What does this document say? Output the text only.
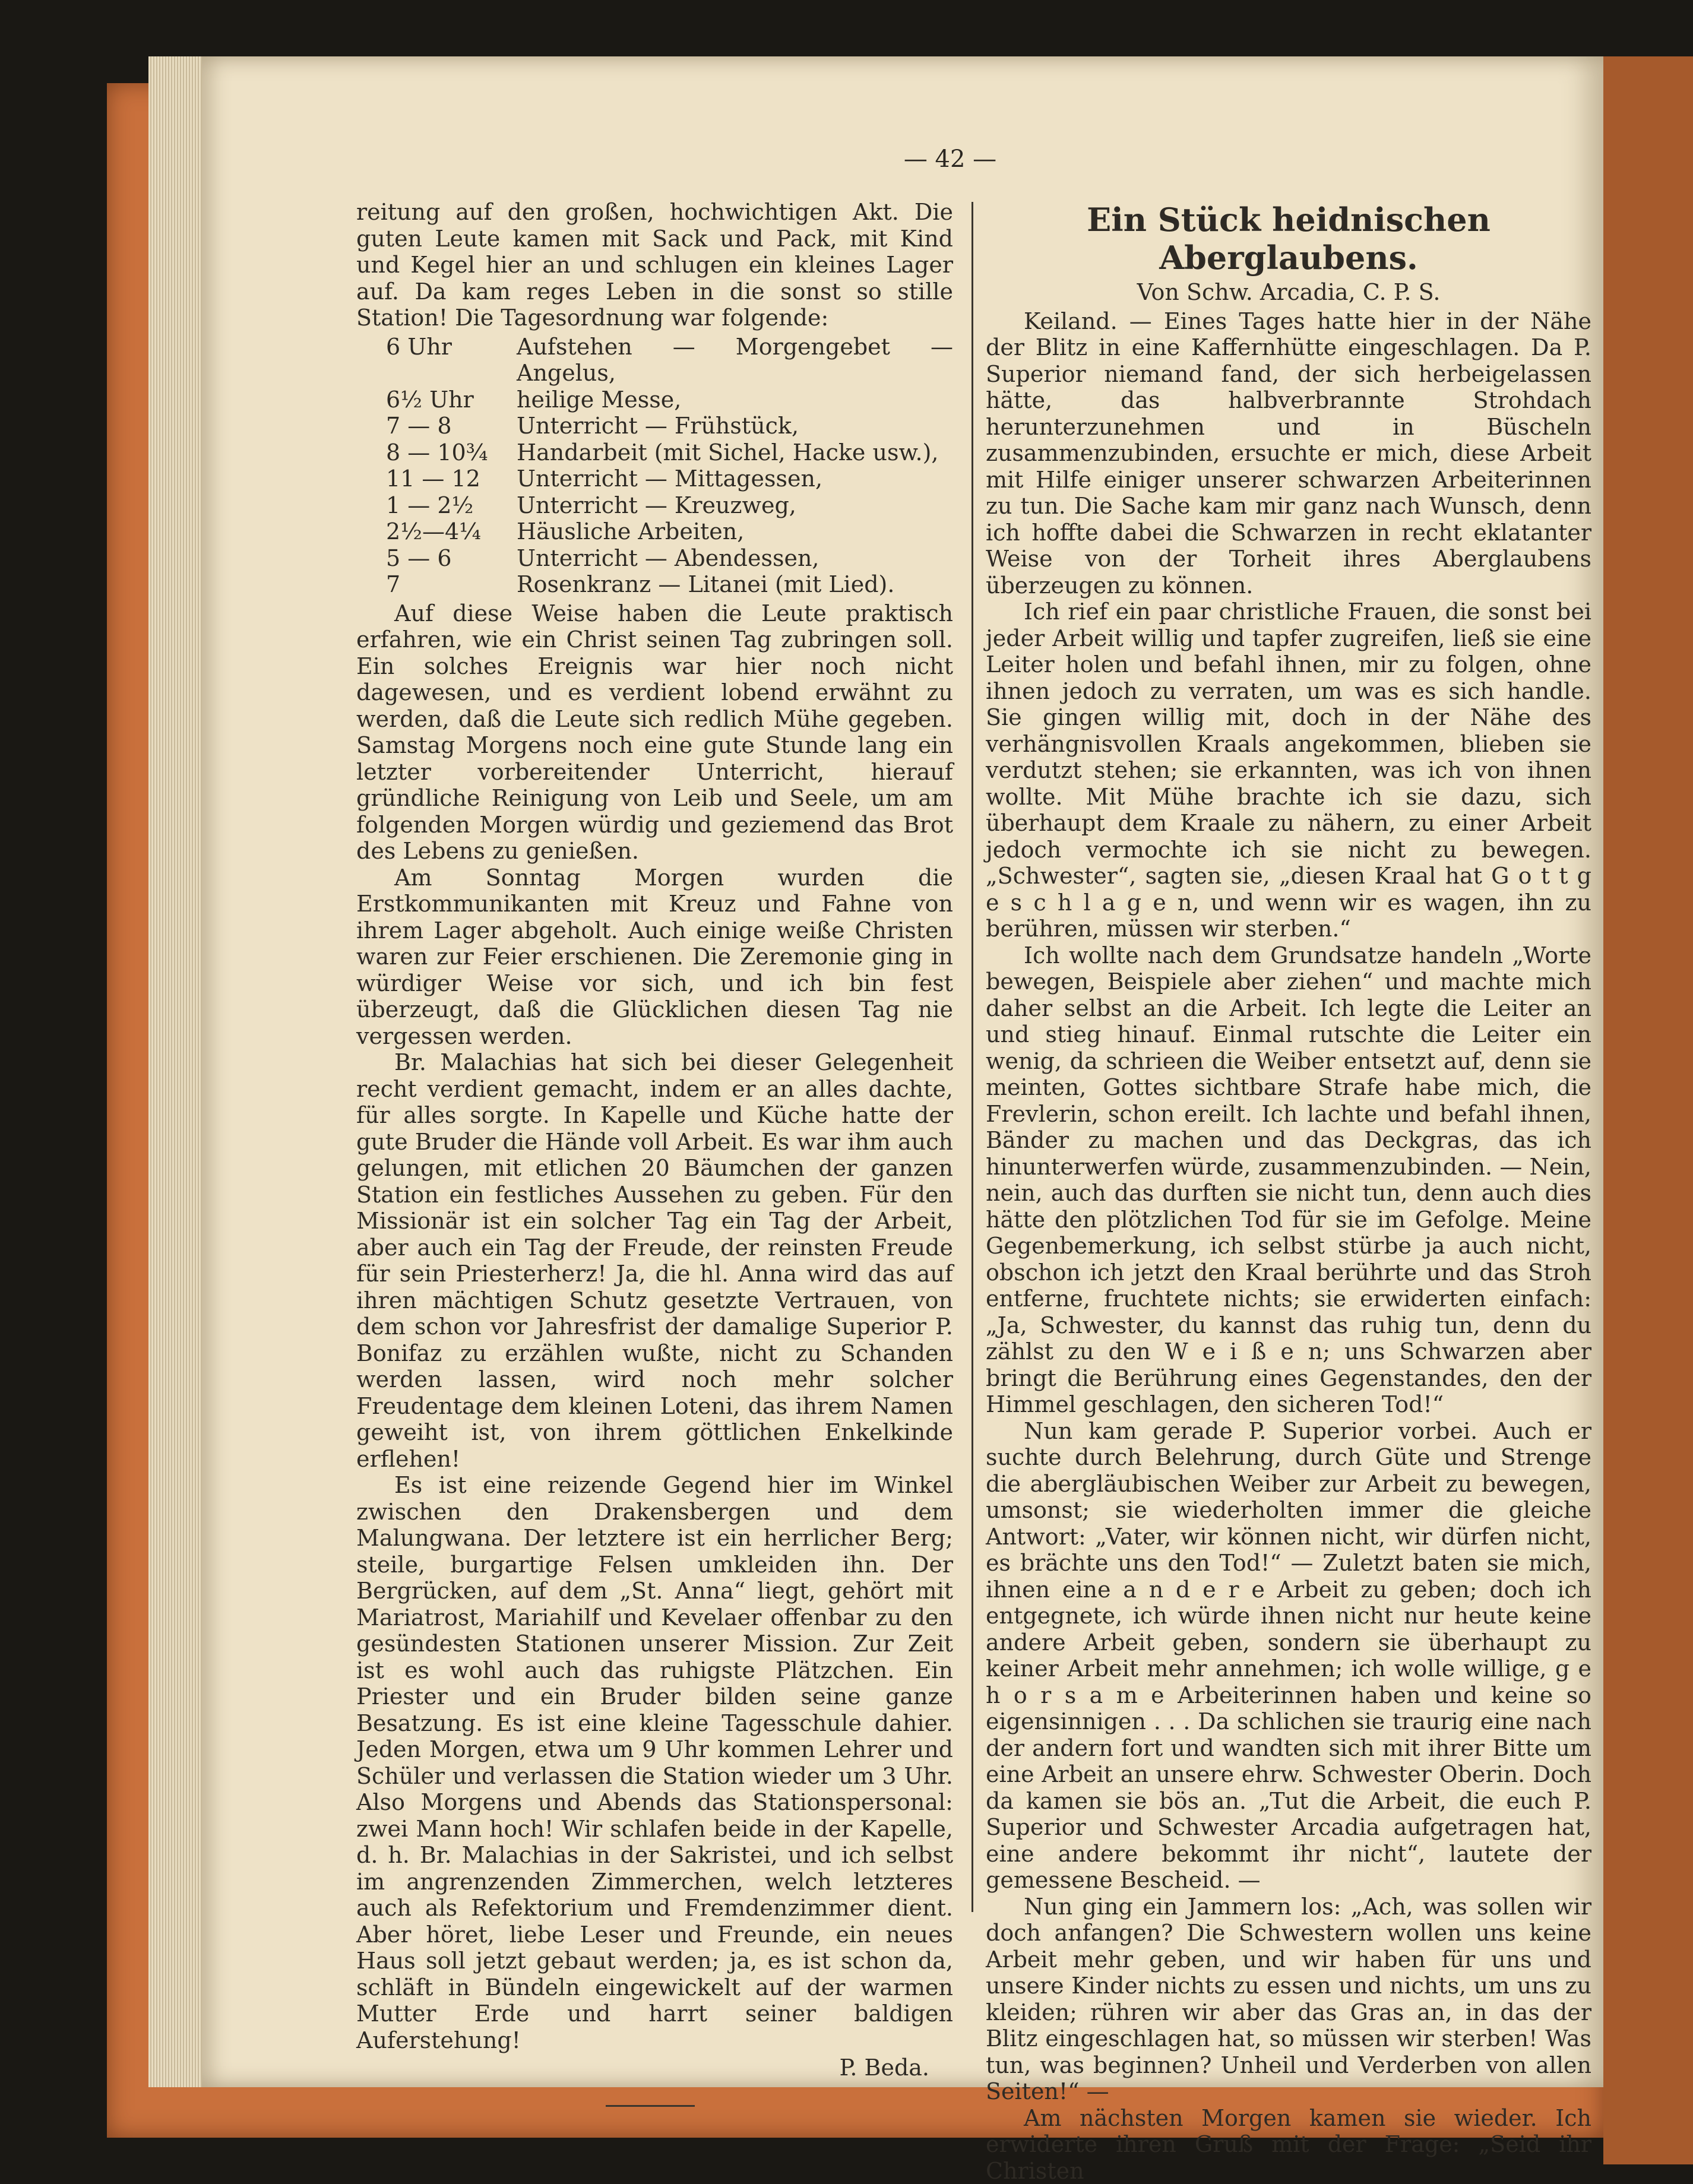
— 42 —

reitung auf den großen, hochwichtigen Akt. Die guten Leute kamen mit Sack und Pack, mit Kind und Kegel hier an und schlugen ein kleines Lager auf. Da kam reges Leben in die sonst so stille Station! Die Tagesordnung war folgende:

6 Uhr	Aufstehen — Morgengebet — Angelus,
6½ Uhr	heilige Messe,
7 — 8	Unterricht — Frühstück,
8 — 10¾	Handarbeit (mit Sichel, Hacke usw.),
11 — 12	Unterricht — Mittagessen,
1 — 2½	Unterricht — Kreuzweg,
2½—4¼	Häusliche Arbeiten,
5 — 6	Unterricht — Abendessen,
7	Rosenkranz — Litanei (mit Lied).

Auf diese Weise haben die Leute praktisch erfahren, wie ein Christ seinen Tag zubringen soll. Ein solches Ereignis war hier noch nicht dagewesen, und es verdient lobend erwähnt zu werden, daß die Leute sich redlich Mühe gegeben. Samstag Morgens noch eine gute Stunde lang ein letzter vorbereitender Unterricht, hierauf gründliche Reinigung von Leib und Seele, um am folgenden Morgen würdig und geziemend das Brot des Lebens zu genießen.

Am Sonntag Morgen wurden die Erstkommunikanten mit Kreuz und Fahne von ihrem Lager abgeholt. Auch einige weiße Christen waren zur Feier erschienen. Die Zeremonie ging in würdiger Weise vor sich, und ich bin fest überzeugt, daß die Glücklichen diesen Tag nie vergessen werden.

Br. Malachias hat sich bei dieser Gelegenheit recht verdient gemacht, indem er an alles dachte, für alles sorgte. In Kapelle und Küche hatte der gute Bruder die Hände voll Arbeit. Es war ihm auch gelungen, mit etlichen 20 Bäumchen der ganzen Station ein festliches Aussehen zu geben. Für den Missionär ist ein solcher Tag ein Tag der Arbeit, aber auch ein Tag der Freude, der reinsten Freude für sein Priesterherz! Ja, die hl. Anna wird das auf ihren mächtigen Schutz gesetzte Vertrauen, von dem schon vor Jahresfrist der damalige Superior P. Bonifaz zu erzählen wußte, nicht zu Schanden werden lassen, wird noch mehr solcher Freudentage dem kleinen Loteni, das ihrem Namen geweiht ist, von ihrem göttlichen Enkelkinde erflehen!

Es ist eine reizende Gegend hier im Winkel zwischen den Drakensbergen und dem Malungwana. Der letztere ist ein herrlicher Berg; steile, burgartige Felsen umkleiden ihn. Der Bergrücken, auf dem „St. Anna“ liegt, gehört mit Mariatrost, Mariahilf und Kevelaer offenbar zu den gesündesten Stationen unserer Mission. Zur Zeit ist es wohl auch das ruhigste Plätzchen. Ein Priester und ein Bruder bilden seine ganze Besatzung. Es ist eine kleine Tagesschule dahier. Jeden Morgen, etwa um 9 Uhr kommen Lehrer und Schüler und verlassen die Station wieder um 3 Uhr. Also Morgens und Abends das Stationspersonal: zwei Mann hoch! Wir schlafen beide in der Kapelle, d. h. Br. Malachias in der Sakristei, und ich selbst im angrenzenden Zimmerchen, welch letzteres auch als Refektorium und Fremdenzimmer dient. Aber höret, liebe Leser und Freunde, ein neues Haus soll jetzt gebaut werden; ja, es ist schon da, schläft in Bündeln eingewickelt auf der warmen Mutter Erde und harrt seiner baldigen Auferstehung!

P. Beda.
Ein Stück heidnischen Aberglaubens.
Von Schw. Arcadia, C. P. S.

Keiland. — Eines Tages hatte hier in der Nähe der Blitz in eine Kaffernhütte eingeschlagen. Da P. Superior niemand fand, der sich herbeigelassen hätte, das halbverbrannte Strohdach herunterzunehmen und in Büscheln zusammenzubinden, ersuchte er mich, diese Arbeit mit Hilfe einiger unserer schwarzen Arbeiterinnen zu tun. Die Sache kam mir ganz nach Wunsch, denn ich hoffte dabei die Schwarzen in recht eklatanter Weise von der Torheit ihres Aberglaubens überzeugen zu können.

Ich rief ein paar christliche Frauen, die sonst bei jeder Arbeit willig und tapfer zugreifen, ließ sie eine Leiter holen und befahl ihnen, mir zu folgen, ohne ihnen jedoch zu verraten, um was es sich handle. Sie gingen willig mit, doch in der Nähe des verhängnisvollen Kraals angekommen, blieben sie verdutzt stehen; sie erkannten, was ich von ihnen wollte. Mit Mühe brachte ich sie dazu, sich überhaupt dem Kraale zu nähern, zu einer Arbeit jedoch vermochte ich sie nicht zu bewegen. „Schwester“, sagten sie, „diesen Kraal hat G o t t g e s c h l a g e n, und wenn wir es wagen, ihn zu berühren, müssen wir sterben.“

Ich wollte nach dem Grundsatze handeln „Worte bewegen, Beispiele aber ziehen“ und machte mich daher selbst an die Arbeit. Ich legte die Leiter an und stieg hinauf. Einmal rutschte die Leiter ein wenig, da schrieen die Weiber entsetzt auf, denn sie meinten, Gottes sichtbare Strafe habe mich, die Frevlerin, schon ereilt. Ich lachte und befahl ihnen, Bänder zu machen und das Deckgras, das ich hinunterwerfen würde, zusammenzubinden. — Nein, nein, auch das durften sie nicht tun, denn auch dies hätte den plötzlichen Tod für sie im Gefolge. Meine Gegenbemerkung, ich selbst stürbe ja auch nicht, obschon ich jetzt den Kraal berührte und das Stroh entferne, fruchtete nichts; sie erwiderten einfach: „Ja, Schwester, du kannst das ruhig tun, denn du zählst zu den W e i ß e n; uns Schwarzen aber bringt die Berührung eines Gegenstandes, den der Himmel geschlagen, den sicheren Tod!“

Nun kam gerade P. Superior vorbei. Auch er suchte durch Belehrung, durch Güte und Strenge die abergläubischen Weiber zur Arbeit zu bewegen, umsonst; sie wiederholten immer die gleiche Antwort: „Vater, wir können nicht, wir dürfen nicht, es brächte uns den Tod!“ — Zuletzt baten sie mich, ihnen eine a n d e r e Arbeit zu geben; doch ich entgegnete, ich würde ihnen nicht nur heute keine andere Arbeit geben, sondern sie überhaupt zu keiner Arbeit mehr annehmen; ich wolle willige, g e h o r s a m e Arbeiterinnen haben und keine so eigensinnigen . . . Da schlichen sie traurig eine nach der andern fort und wandten sich mit ihrer Bitte um eine Arbeit an unsere ehrw. Schwester Oberin. Doch da kamen sie bös an. „Tut die Arbeit, die euch P. Superior und Schwester Arcadia aufgetragen hat, eine andere bekommt ihr nicht“, lautete der gemessene Bescheid. —

Nun ging ein Jammern los: „Ach, was sollen wir doch anfangen? Die Schwestern wollen uns keine Arbeit mehr geben, und wir haben für uns und unsere Kinder nichts zu essen und nichts, um uns zu kleiden; rühren wir aber das Gras an, in das der Blitz eingeschlagen hat, so müssen wir sterben! Was tun, was beginnen? Unheil und Verderben von allen Seiten!“ —

Am nächsten Morgen kamen sie wieder. Ich erwiderte ihren Gruß mit der Frage: „Seid ihr Christen
